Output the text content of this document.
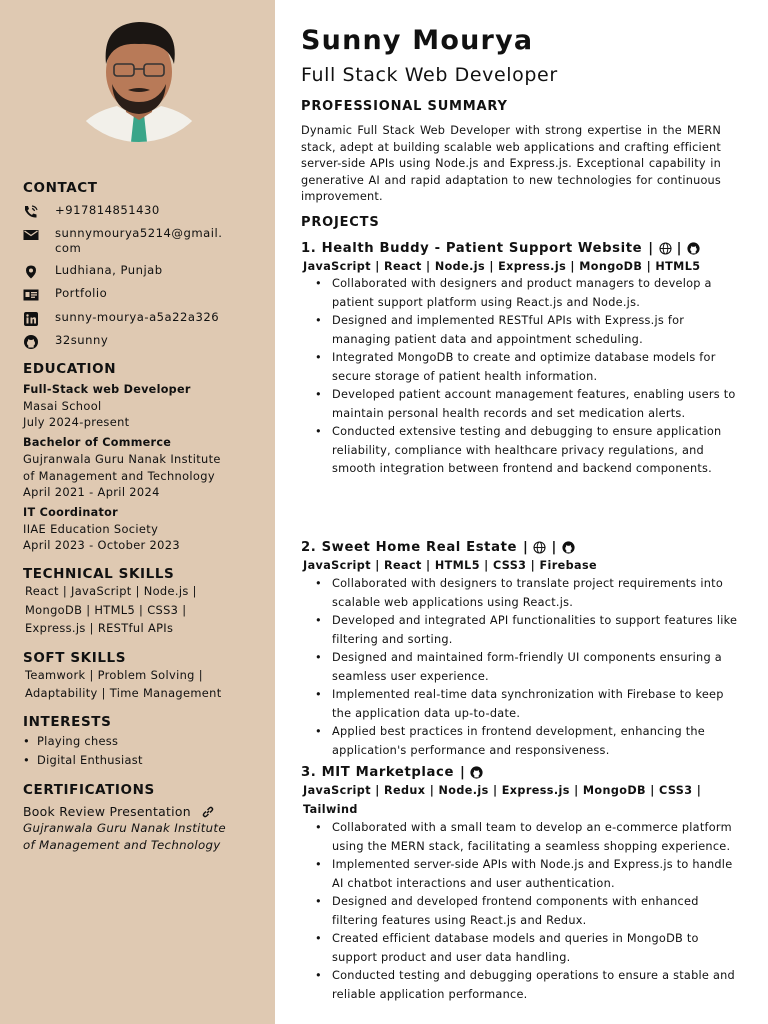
CONTACT
+917814851430
sunnymourya5214@gmail.
com
Ludhiana, Punjab
Portfolio
sunny-mourya-a5a22a326
32sunny
EDUCATION
Full-Stack web Developer
Masai School
July 2024-present
Bachelor of Commerce
Gujranwala Guru Nanak Institute
of Management and Technology
April 2021 - April 2024
IT Coordinator
IIAE Education Society
April 2023 - October 2023
TECHNICAL SKILLS
React | JavaScript | Node.js |
MongoDB | HTML5 | CSS3 |
Express.js | RESTful APIs
SOFT SKILLS
Teamwork | Problem Solving |
Adaptability | Time Management
INTERESTS
• Playing chess
• Digital Enthusiast
CERTIFICATIONS
Book Review Presentation
Gujranwala Guru Nanak Institute
of Management and Technology
Sunny Mourya
Full Stack Web Developer
PROFESSIONAL SUMMARY
Dynamic Full Stack Web Developer with strong expertise in the MERN stack, adept at building scalable web applications and crafting efficient server-side APIs using Node.js and Express.js. Exceptional capability in generative AI and rapid adaptation to new technologies for continuous improvement.
PROJECTS
1. Health Buddy - Patient Support Website | |
JavaScript | React | Node.js | Express.js | MongoDB | HTML5
• Collaborated with designers and product managers to develop a patient support platform using React.js and Node.js.
• Designed and implemented RESTful APIs with Express.js for managing patient data and appointment scheduling.
• Integrated MongoDB to create and optimize database models for secure storage of patient health information.
• Developed patient account management features, enabling users to maintain personal health records and set medication alerts.
• Conducted extensive testing and debugging to ensure application reliability, compliance with healthcare privacy regulations, and smooth integration between frontend and backend components.
2. Sweet Home Real Estate | |
JavaScript | React | HTML5 | CSS3 | Firebase
• Collaborated with designers to translate project requirements into scalable web applications using React.js.
• Developed and integrated API functionalities to support features like filtering and sorting.
• Designed and maintained form-friendly UI components ensuring a seamless user experience.
• Implemented real-time data synchronization with Firebase to keep the application data up-to-date.
• Applied best practices in frontend development, enhancing the application's performance and responsiveness.
3. MIT Marketplace |
JavaScript | Redux | Node.js | Express.js | MongoDB | CSS3 |
Tailwind
• Collaborated with a small team to develop an e-commerce platform using the MERN stack, facilitating a seamless shopping experience.
• Implemented server-side APIs with Node.js and Express.js to handle AI chatbot interactions and user authentication.
• Designed and developed frontend components with enhanced filtering features using React.js and Redux.
• Created efficient database models and queries in MongoDB to support product and user data handling.
• Conducted testing and debugging operations to ensure a stable and reliable application performance.
